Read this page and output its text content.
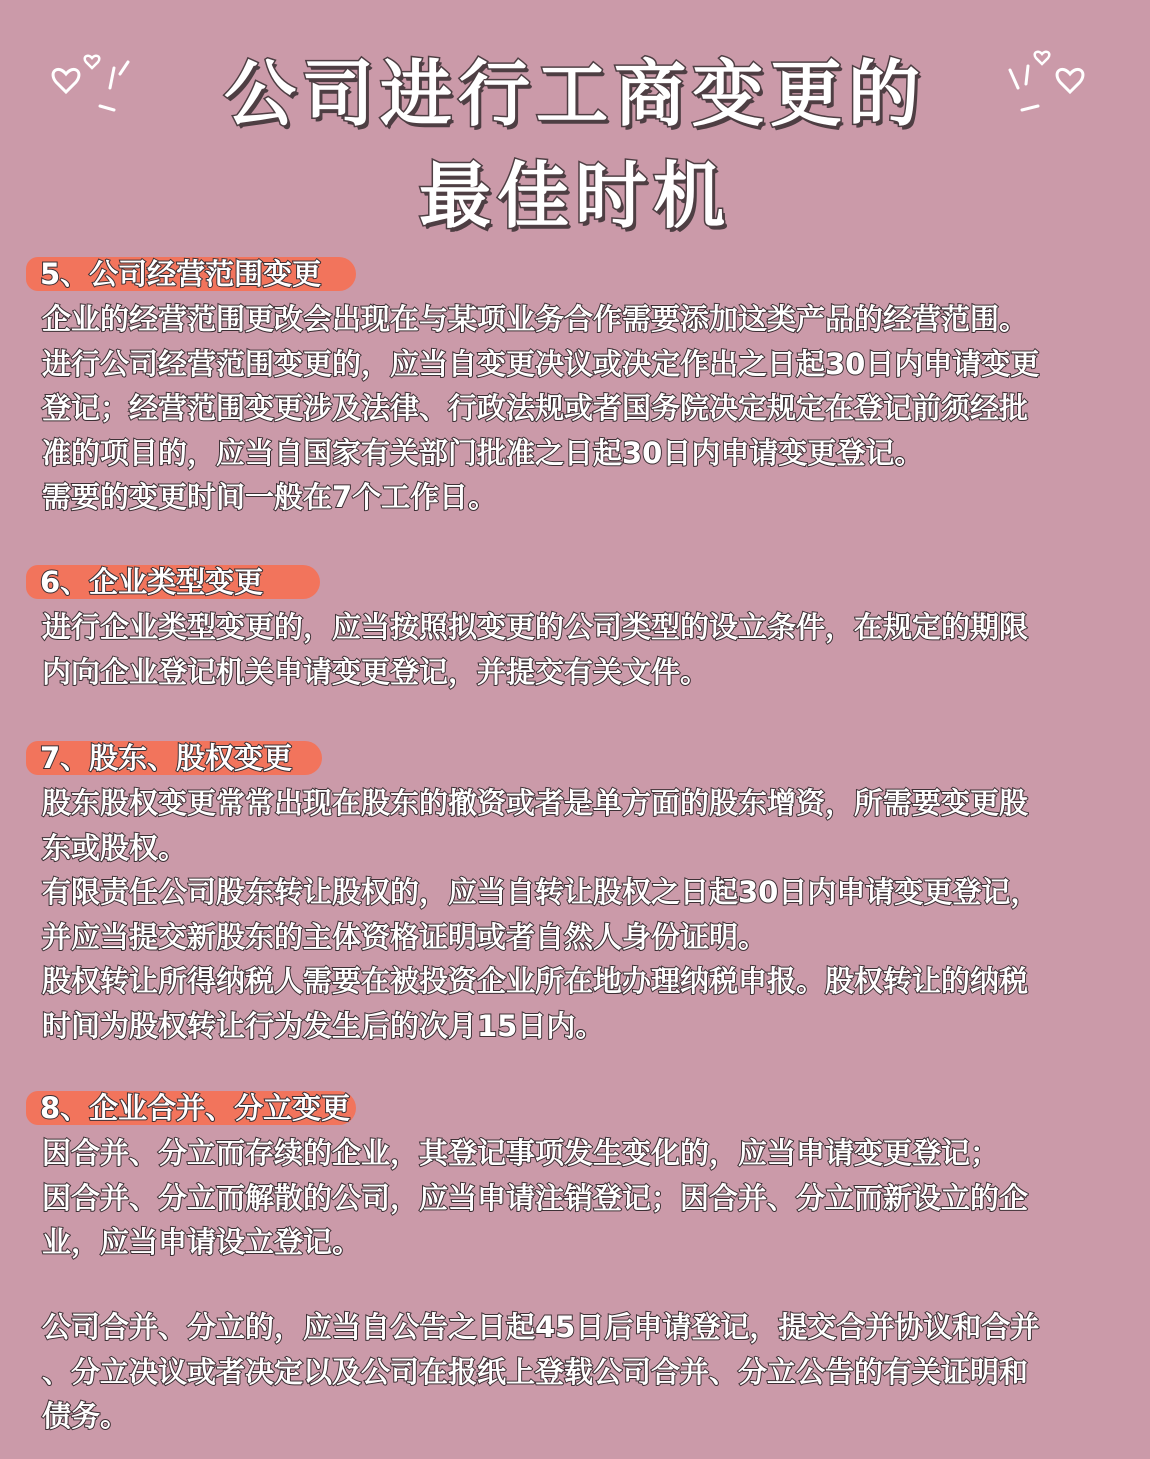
公司进行工商变更的
最佳时机
5、公司经营范围变更

企业的经营范围更改会出现在与某项业务合作需要添加这类产品的经营范围。

进行公司经营范围变更的，应当自变更决议或决定作出之日起30日内申请变更

登记；经营范围变更涉及法律、行政法规或者国务院决定规定在登记前须经批

准的项目的，应当自国家有关部门批准之日起30日内申请变更登记。

需要的变更时间一般在7个工作日。

6、企业类型变更

进行企业类型变更的，应当按照拟变更的公司类型的设立条件，在规定的期限

内向企业登记机关申请变更登记，并提交有关文件。

7、股东、股权变更

股东股权变更常常出现在股东的撤资或者是单方面的股东增资，所需要变更股

东或股权。

有限责任公司股东转让股权的，应当自转让股权之日起30日内申请变更登记，

并应当提交新股东的主体资格证明或者自然人身份证明。

股权转让所得纳税人需要在被投资企业所在地办理纳税申报。股权转让的纳税

时间为股权转让行为发生后的次月15日内。

8、企业合并、分立变更

因合并、分立而存续的企业，其登记事项发生变化的，应当申请变更登记；

因合并、分立而解散的公司，应当申请注销登记；因合并、分立而新设立的企

业，应当申请设立登记。

公司合并、分立的，应当自公告之日起45日后申请登记，提交合并协议和合并

、分立决议或者决定以及公司在报纸上登载公司合并、分立公告的有关证明和

债务。
